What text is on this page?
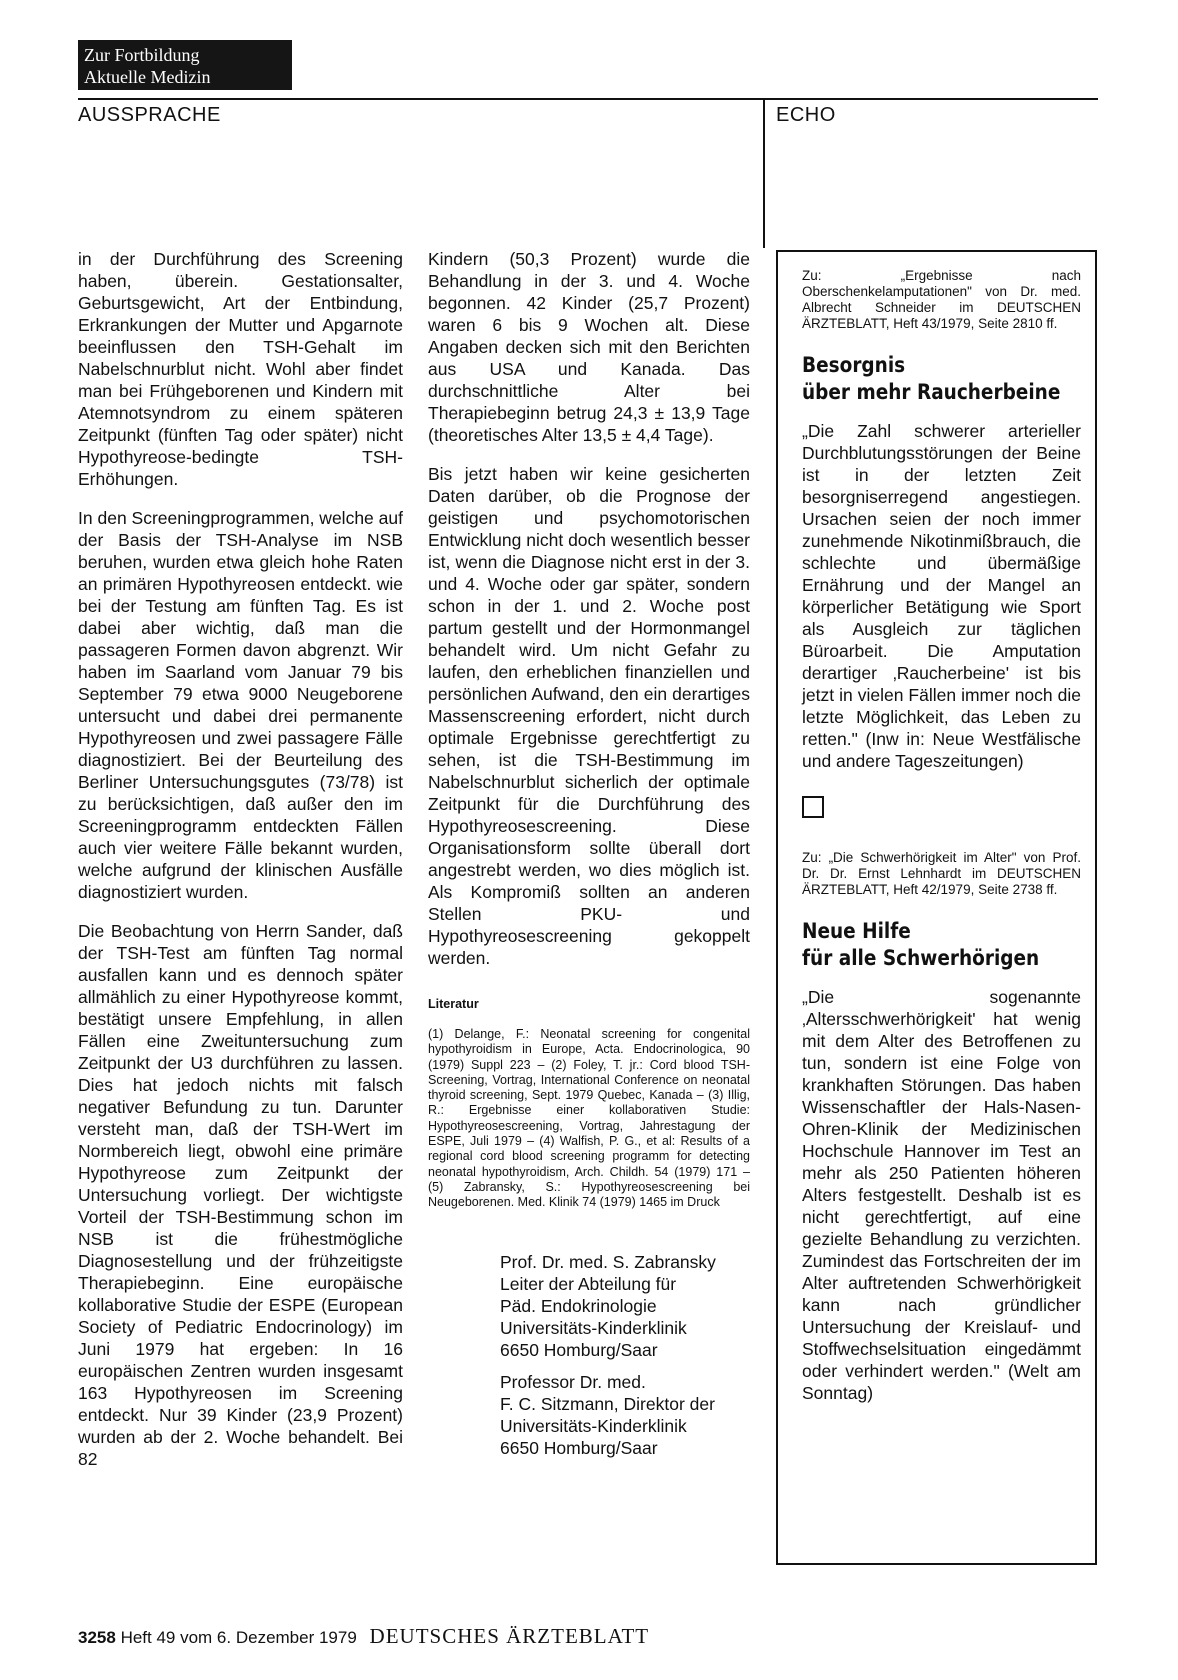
Zur Fortbildung
Aktuelle Medizin
AUSSPRACHE	ECHO

in der Durchführung des Screening haben, überein. Gestationsalter, Geburtsgewicht, Art der Entbindung, Erkrankungen der Mutter und Apgarnote beeinflussen den TSH-Gehalt im Nabelschnurblut nicht. Wohl aber findet man bei Frühgeborenen und Kindern mit Atemnotsyndrom zu einem späteren Zeitpunkt (fünften Tag oder später) nicht Hypothyreose-bedingte TSH-Erhöhungen.

In den Screeningprogrammen, welche auf der Basis der TSH-Analyse im NSB beruhen, wurden etwa gleich hohe Raten an primären Hypothyreosen entdeckt. wie bei der Testung am fünften Tag. Es ist dabei aber wichtig, daß man die passageren Formen davon abgrenzt. Wir haben im Saarland vom Januar 79 bis September 79 etwa 9000 Neugeborene untersucht und dabei drei permanente Hypothyreosen und zwei passagere Fälle diagnostiziert. Bei der Beurteilung des Berliner Untersuchungsgutes (73/78) ist zu berücksichtigen, daß außer den im Screeningprogramm entdeckten Fällen auch vier weitere Fälle bekannt wurden, welche aufgrund der klinischen Ausfälle diagnostiziert wurden.

Die Beobachtung von Herrn Sander, daß der TSH-Test am fünften Tag normal ausfallen kann und es dennoch später allmählich zu einer Hypothyreose kommt, bestätigt unsere Empfehlung, in allen Fällen eine Zweituntersuchung zum Zeitpunkt der U3 durchführen zu lassen. Dies hat jedoch nichts mit falsch negativer Befundung zu tun. Darunter versteht man, daß der TSH-Wert im Normbereich liegt, obwohl eine primäre Hypothyreose zum Zeitpunkt der Untersuchung vorliegt. Der wichtigste Vorteil der TSH-Bestimmung schon im NSB ist die frühestmögliche Diagnosestellung und der frühzeitigste Therapiebeginn. Eine europäische kollaborative Studie der ESPE (European Society of Pediatric Endocrinology) im Juni 1979 hat ergeben: In 16 europäischen Zentren wurden insgesamt 163 Hypothyreosen im Screening entdeckt. Nur 39 Kinder (23,9 Prozent) wurden ab der 2. Woche behandelt. Bei 82

Kindern (50,3 Prozent) wurde die Behandlung in der 3. und 4. Woche begonnen. 42 Kinder (25,7 Prozent) waren 6 bis 9 Wochen alt. Diese Angaben decken sich mit den Berichten aus USA und Kanada. Das durchschnittliche Alter bei Therapiebeginn betrug 24,3 ± 13,9 Tage (theoretisches Alter 13,5 ± 4,4 Tage).

Bis jetzt haben wir keine gesicherten Daten darüber, ob die Prognose der geistigen und psychomotorischen Entwicklung nicht doch wesentlich besser ist, wenn die Diagnose nicht erst in der 3. und 4. Woche oder gar später, sondern schon in der 1. und 2. Woche post partum gestellt und der Hormonmangel behandelt wird. Um nicht Gefahr zu laufen, den erheblichen finanziellen und persönlichen Aufwand, den ein derartiges Massenscreening erfordert, nicht durch optimale Ergebnisse gerechtfertigt zu sehen, ist die TSH-Bestimmung im Nabelschnurblut sicherlich der optimale Zeitpunkt für die Durchführung des Hypothyreosescreening. Diese Organisationsform sollte überall dort angestrebt werden, wo dies möglich ist. Als Kompromiß sollten an anderen Stellen PKU- und Hypothyreosescreening gekoppelt werden.

Literatur

(1) Delange, F.: Neonatal screening for congenital hypothyroidism in Europe, Acta. Endocrinologica, 90 (1979) Suppl 223 – (2) Foley, T. jr.: Cord blood TSH-Screening, Vortrag, International Conference on neonatal thyroid screening, Sept. 1979 Quebec, Kanada – (3) Illig, R.: Ergebnisse einer kollaborativen Studie: Hypothyreosescreening, Vortrag, Jahrestagung der ESPE, Juli 1979 – (4) Walfish, P. G., et al: Results of a regional cord blood screening programm for detecting neonatal hypothyroidism, Arch. Childh. 54 (1979) 171 – (5) Zabransky, S.: Hypothyreosescreening bei Neugeborenen. Med. Klinik 74 (1979) 1465 im Druck

Prof. Dr. med. S. Zabransky
Leiter der Abteilung für
Päd. Endokrinologie
Universitäts-Kinderklinik
6650 Homburg/Saar

Professor Dr. med.
F. C. Sitzmann, Direktor der
Universitäts-Kinderklinik
6650 Homburg/Saar

Zu: „Ergebnisse nach Oberschenkelamputationen" von Dr. med. Albrecht Schneider im DEUTSCHEN ÄRZTEBLATT, Heft 43/1979, Seite 2810 ff.

Besorgnis
über mehr Raucherbeine

„Die Zahl schwerer arterieller Durchblutungsstörungen der Beine ist in der letzten Zeit besorgniserregend angestiegen. Ursachen seien der noch immer zunehmende Nikotinmißbrauch, die schlechte und übermäßige Ernährung und der Mangel an körperlicher Betätigung wie Sport als Ausgleich zur täglichen Büroarbeit. Die Amputation derartiger ‚Raucherbeine' ist bis jetzt in vielen Fällen immer noch die letzte Möglichkeit, das Leben zu retten." (Inw in: Neue Westfälische und andere Tageszeitungen)

Zu: „Die Schwerhörigkeit im Alter" von Prof. Dr. Dr. Ernst Lehnhardt im DEUTSCHEN ÄRZTEBLATT, Heft 42/1979, Seite 2738 ff.

Neue Hilfe
für alle Schwerhörigen

„Die sogenannte ‚Altersschwerhörigkeit' hat wenig mit dem Alter des Betroffenen zu tun, sondern ist eine Folge von krankhaften Störungen. Das haben Wissenschaftler der Hals-Nasen-Ohren-Klinik der Medizinischen Hochschule Hannover im Test an mehr als 250 Patienten höheren Alters festgestellt. Deshalb ist es nicht gerechtfertigt, auf eine gezielte Behandlung zu verzichten. Zumindest das Fortschreiten der im Alter auftretenden Schwerhörigkeit kann nach gründlicher Untersuchung der Kreislauf- und Stoffwechselsituation eingedämmt oder verhindert werden." (Welt am Sonntag)

3258 Heft 49 vom 6. Dezember 1979 DEUTSCHES ÄRZTEBLATT
